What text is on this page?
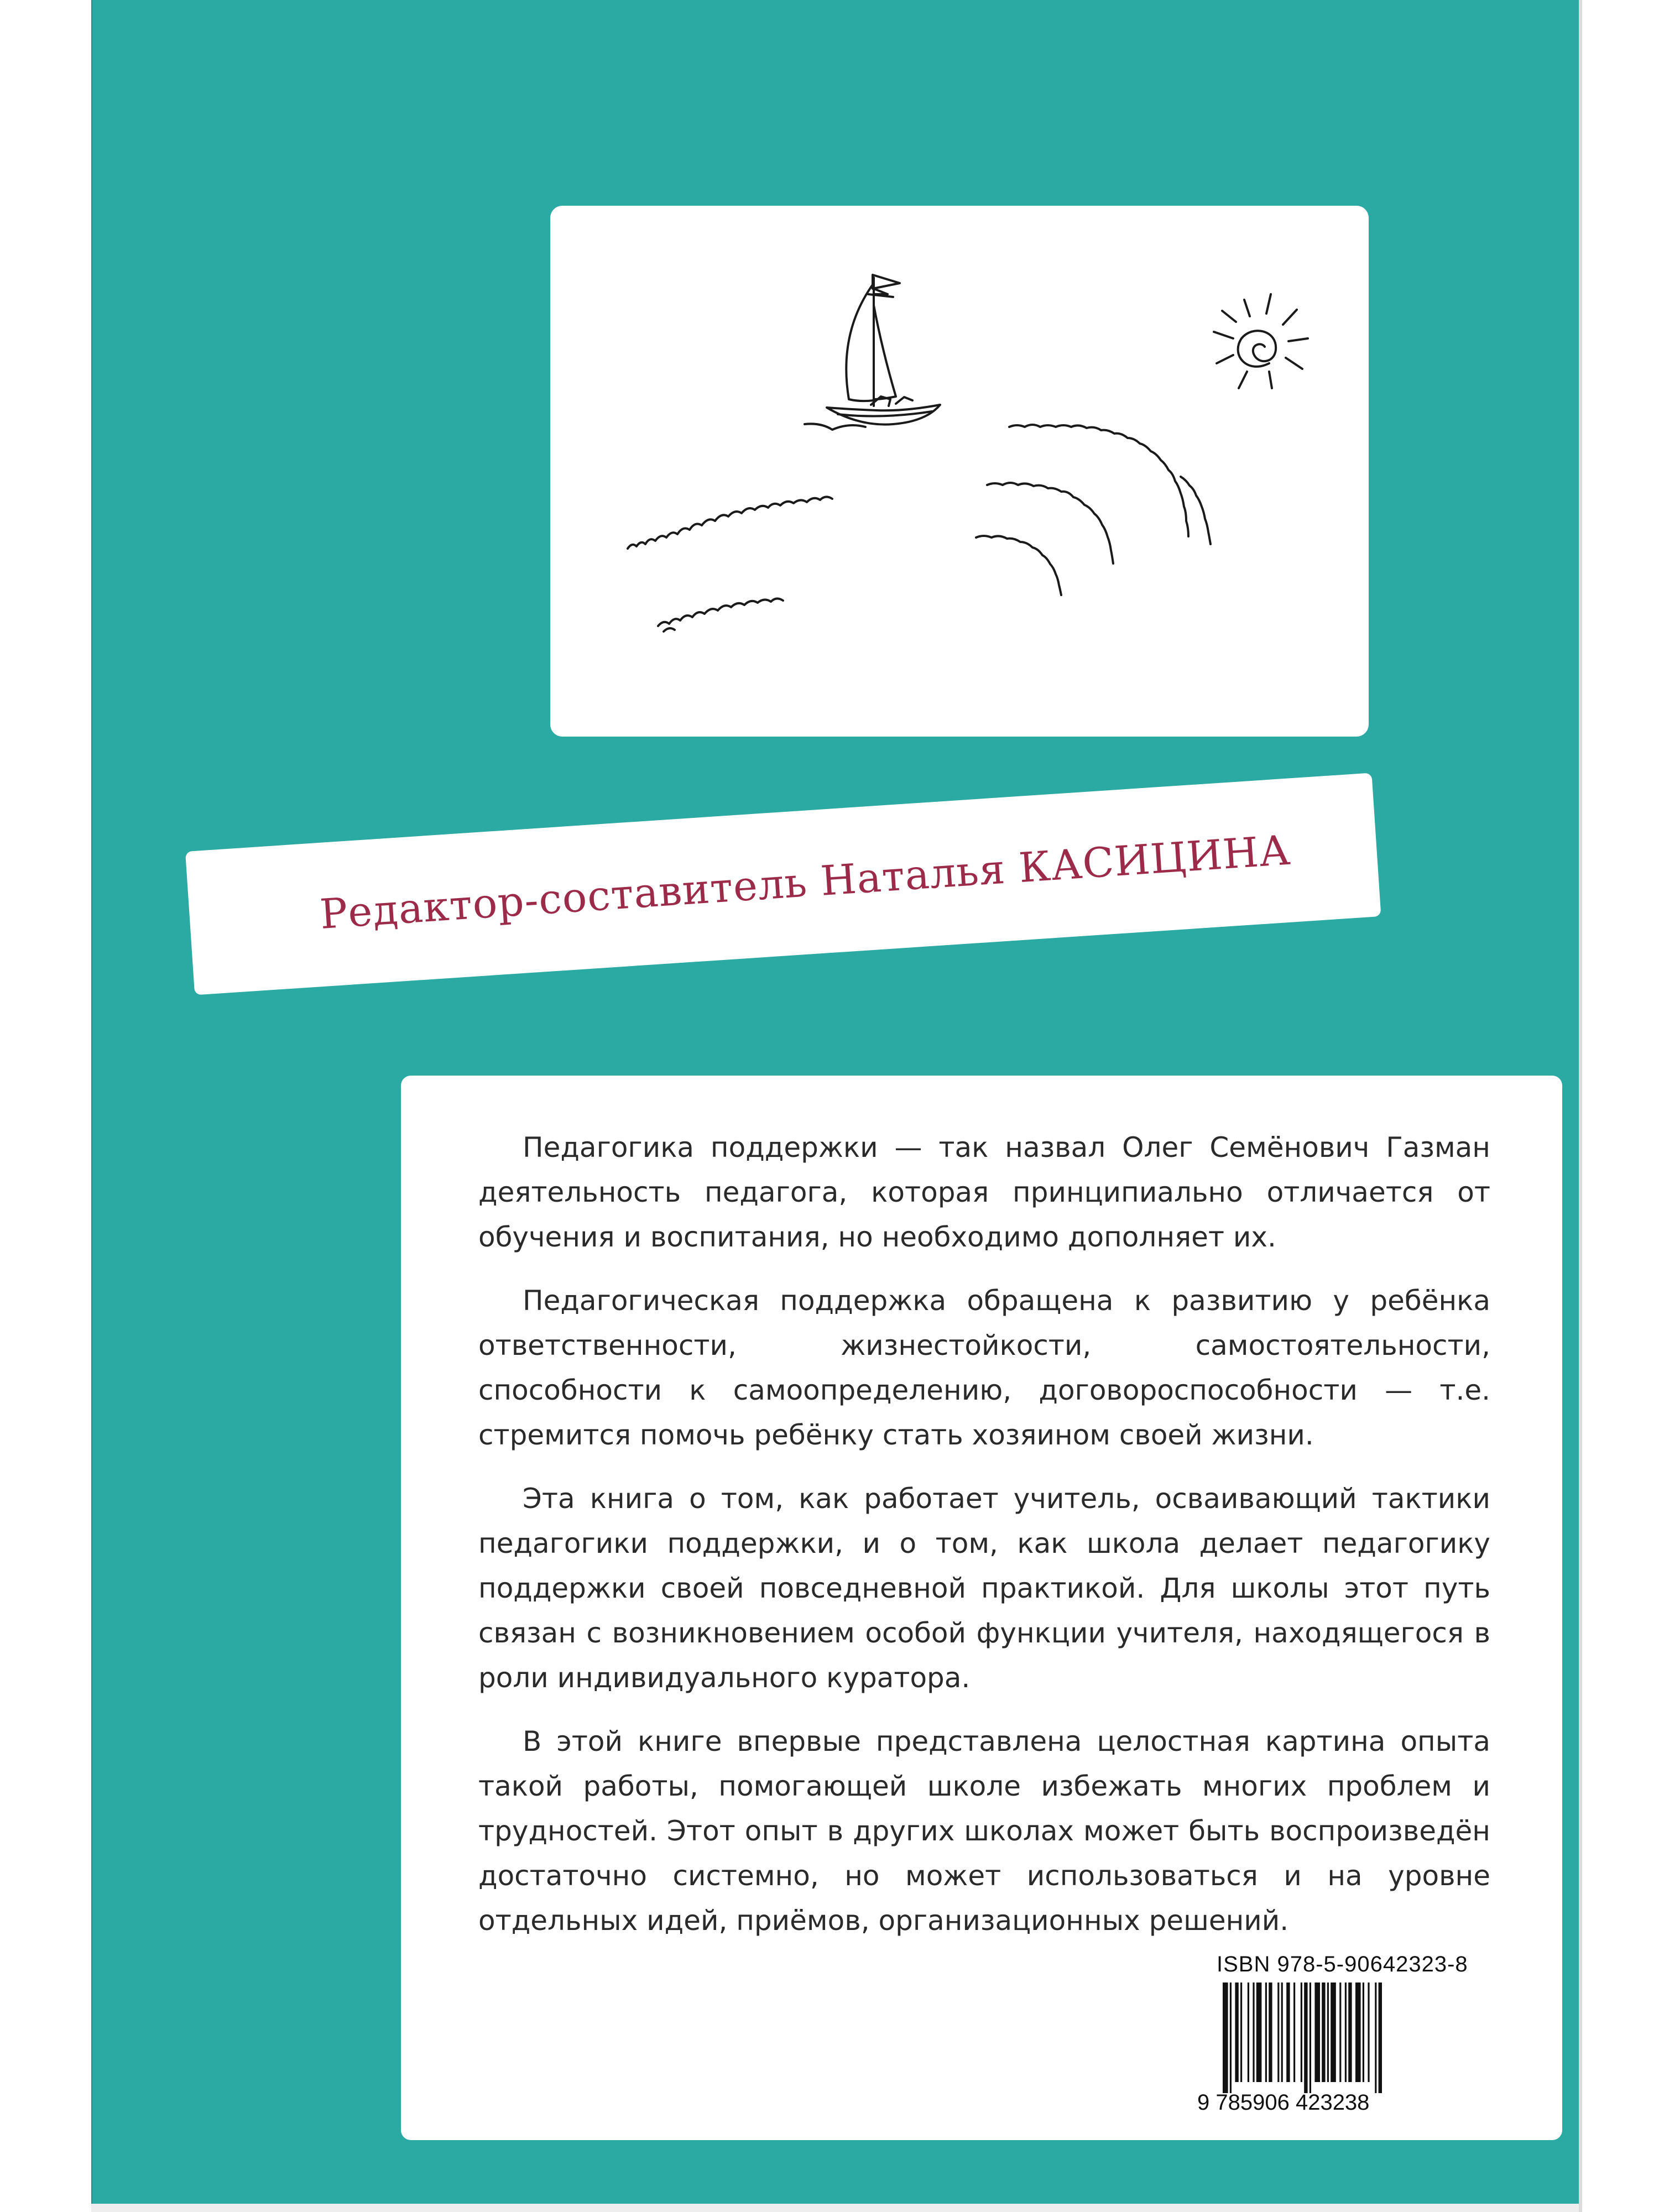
Редактор-составитель Наталья КАСИЦИНА

Педагогика поддержки — так назвал Олег Семёнович Газман деятельность педагога, которая принципиально отличается от обучения и воспитания, но необходимо дополняет их.

Педагогическая поддержка обращена к развитию у ребёнка ответственности, жизнестойкости, самостоятельности, способности к самоопределению, договороспособности — т.е. стремится помочь ребёнку стать хозяином своей жизни.

Эта книга о том, как работает учитель, осваивающий тактики педагогики поддержки, и о том, как школа делает педагогику поддержки своей повседневной практикой. Для школы этот путь связан с возникновением особой функции учителя, находящегося в роли индивидуального куратора.

В этой книге впервые представлена целостная картина опыта такой работы, помогающей школе избежать многих проблем и трудностей. Этот опыт в других школах может быть воспроизведён достаточно системно, но может использоваться и на уровне отдельных идей, приёмов, организационных решений.

ISBN 978-5-90642323-8
9 785906 423238
